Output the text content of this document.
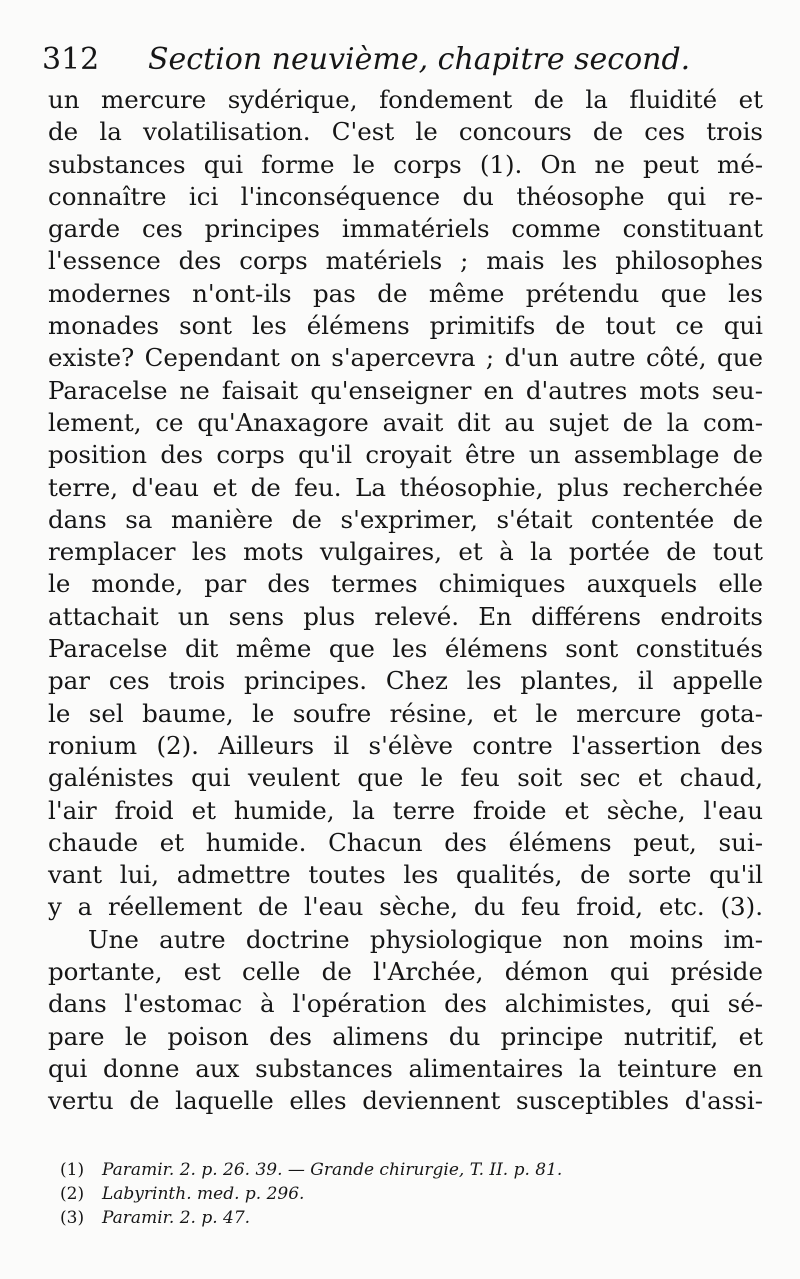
312 Section neuvième, chapitre second.
un mercure sydérique, fondement de la fluidité et
de la volatilisation. C'est le concours de ces trois
substances qui forme le corps (1). On ne peut mé-
connaître ici l'inconséquence du théosophe qui re-
garde ces principes immatériels comme constituant
l'essence des corps matériels ; mais les philosophes
modernes n'ont-ils pas de même prétendu que les
monades sont les élémens primitifs de tout ce qui
existe? Cependant on s'apercevra ; d'un autre côté, que
Paracelse ne faisait qu'enseigner en d'autres mots seu-
lement, ce qu'Anaxagore avait dit au sujet de la com-
position des corps qu'il croyait être un assemblage de
terre, d'eau et de feu. La théosophie, plus recherchée
dans sa manière de s'exprimer, s'était contentée de
remplacer les mots vulgaires, et à la portée de tout
le monde, par des termes chimiques auxquels elle
attachait un sens plus relevé. En différens endroits
Paracelse dit même que les élémens sont constitués
par ces trois principes. Chez les plantes, il appelle
le sel baume, le soufre résine, et le mercure gota-
ronium (2). Ailleurs il s'élève contre l'assertion des
galénistes qui veulent que le feu soit sec et chaud,
l'air froid et humide, la terre froide et sèche, l'eau
chaude et humide. Chacun des élémens peut, sui-
vant lui, admettre toutes les qualités, de sorte qu'il
y a réellement de l'eau sèche, du feu froid, etc. (3).
Une autre doctrine physiologique non moins im-
portante, est celle de l'Archée, démon qui préside
dans l'estomac à l'opération des alchimistes, qui sé-
pare le poison des alimens du principe nutritif, et
qui donne aux substances alimentaires la teinture en
vertu de laquelle elles deviennent susceptibles d'assi-
(1) Paramir. 2. p. 26. 39. — Grande chirurgie, T. II. p. 81.
(2) Labyrinth. med. p. 296.
(3) Paramir. 2. p. 47.
